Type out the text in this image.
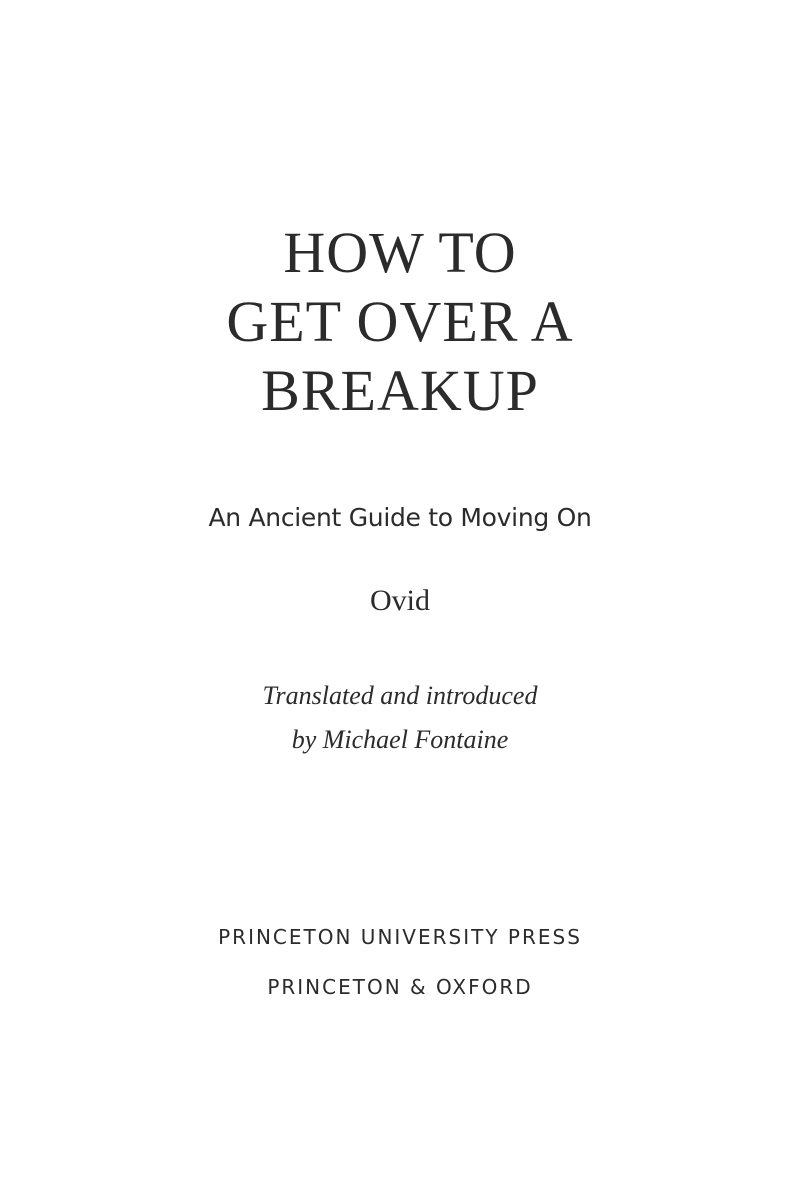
HOW TO
GET OVER A
BREAKUP
An Ancient Guide to Moving On
Ovid
Translated and introduced
by Michael Fontaine
PRINCETON UNIVERSITY PRESS
PRINCETON & OXFORD
